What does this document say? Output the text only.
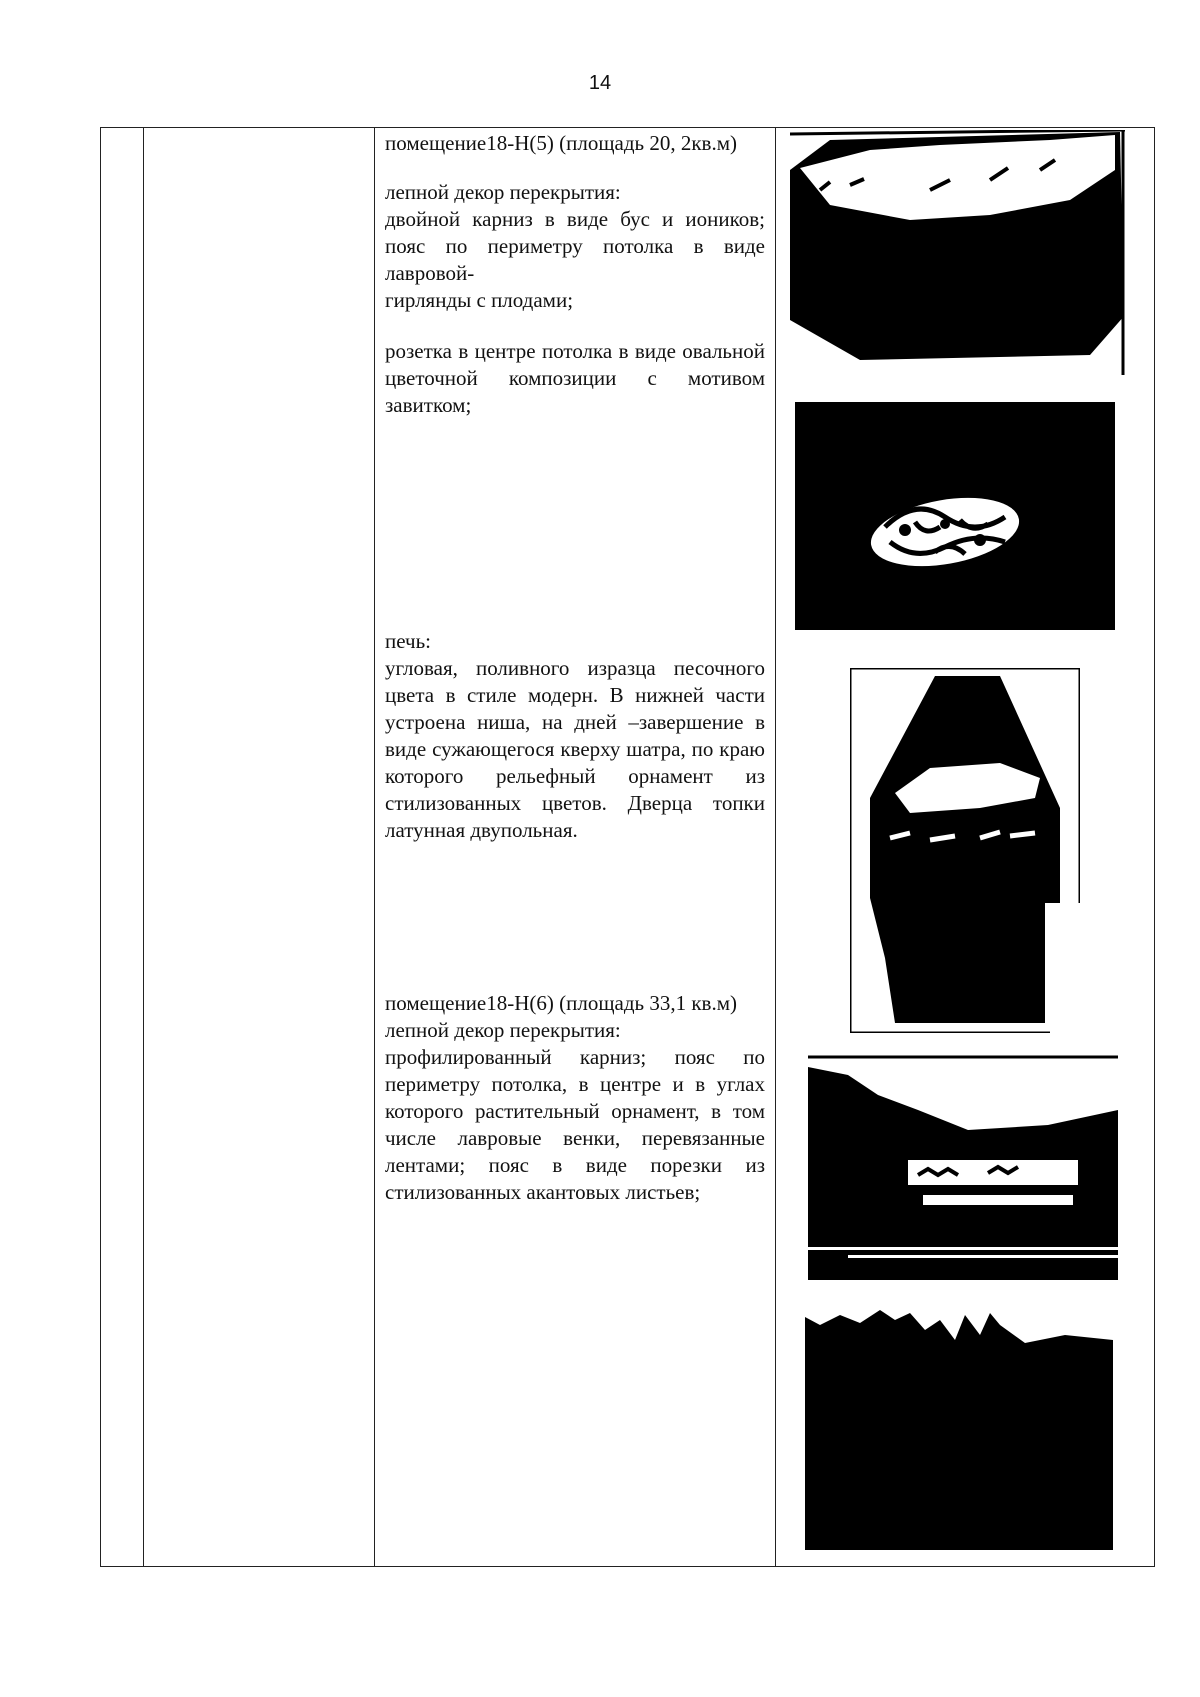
14

помещение18-Н(5) (площадь 20, 2кв.м)

лепной декор перекрытия:

двойной карниз в виде бус и иоников; пояс по периметру потолка в виде лавровой-

гирлянды с плодами;

розетка в центре потолка в виде овальной цветочной композиции с мотивом завитком;

печь:

угловая, поливного изразца песочного цвета в стиле модерн. В нижней части устроена ниша, на дней –завершение в виде сужающегося кверху шатра, по краю которого рельефный орнамент из стилизованных цветов. Дверца топки латунная двупольная.

помещение18-Н(6) (площадь 33,1 кв.м)

лепной декор перекрытия:

профилированный карниз; пояс по периметру потолка, в центре и в углах которого растительный орнамент, в том числе лавровые венки, перевязанные лентами; пояс в виде порезки из стилизованных акантовых листьев;
